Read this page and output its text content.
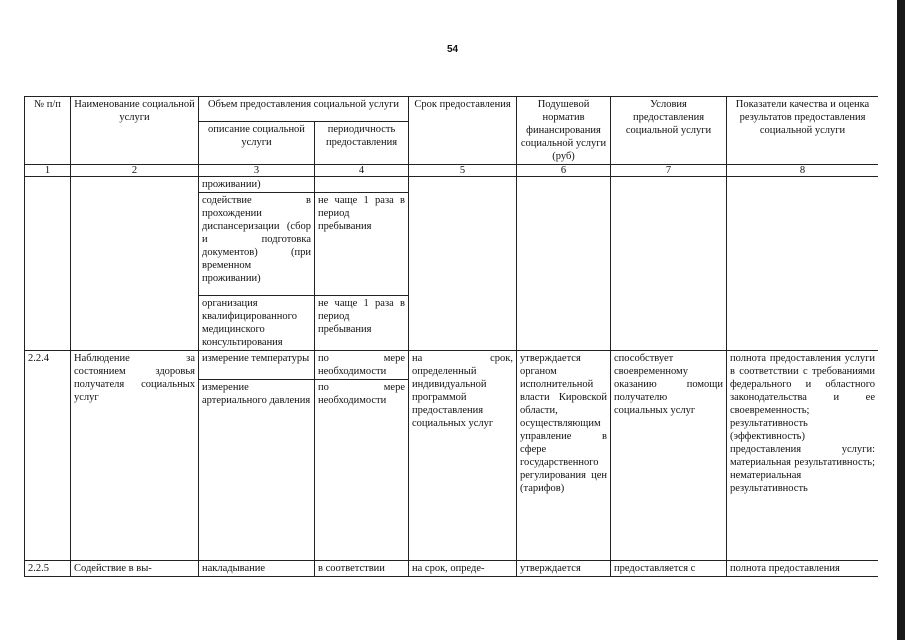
54
№ п/п	Наименование социальной услуги	Объем предоставления социальной услуги		Срок предоставления	Подушевой норматив финансирования социальной услуги (руб)	Условия предоставления социальной услуги	Показатели качества и оценка результатов предоставления социальной услуги
		описание социальной услуги	периодичность предоставления				
1	2	3	4	5	6	7	8
		проживании)					
		содействие в прохождении диспансеризации (сбор и подготовка документов) (при временном проживании)	не чаще 1 раза в период пребывания				
		организация квалифицированного медицинского консультирования	не чаще 1 раза в период пребывания				
2.2.4	Наблюдение за состоянием здоровья получателя социальных услуг	измерение температуры	по мере необходимости	на срок, определенный индивидуальной программой предоставления социальных услуг	утверждается органом исполнительной власти Кировской области, осуществляющим управление в сфере государственного регулирования цен (тарифов)	способствует своевременному оказанию помощи получателю социальных услуг	полнота предоставления услуги в соответствии с требованиями федерального и областного законодательства и ее своевременность; результативность (эффективность) предоставления услуги: материальная результативность; нематериальная результативность
		измерение артериального давления	по мере необходимости				
2.2.5	Содействие в вы-	накладывание	в соответствии	на срок, опреде-	утверждается	предоставляется с	полнота предоставления
